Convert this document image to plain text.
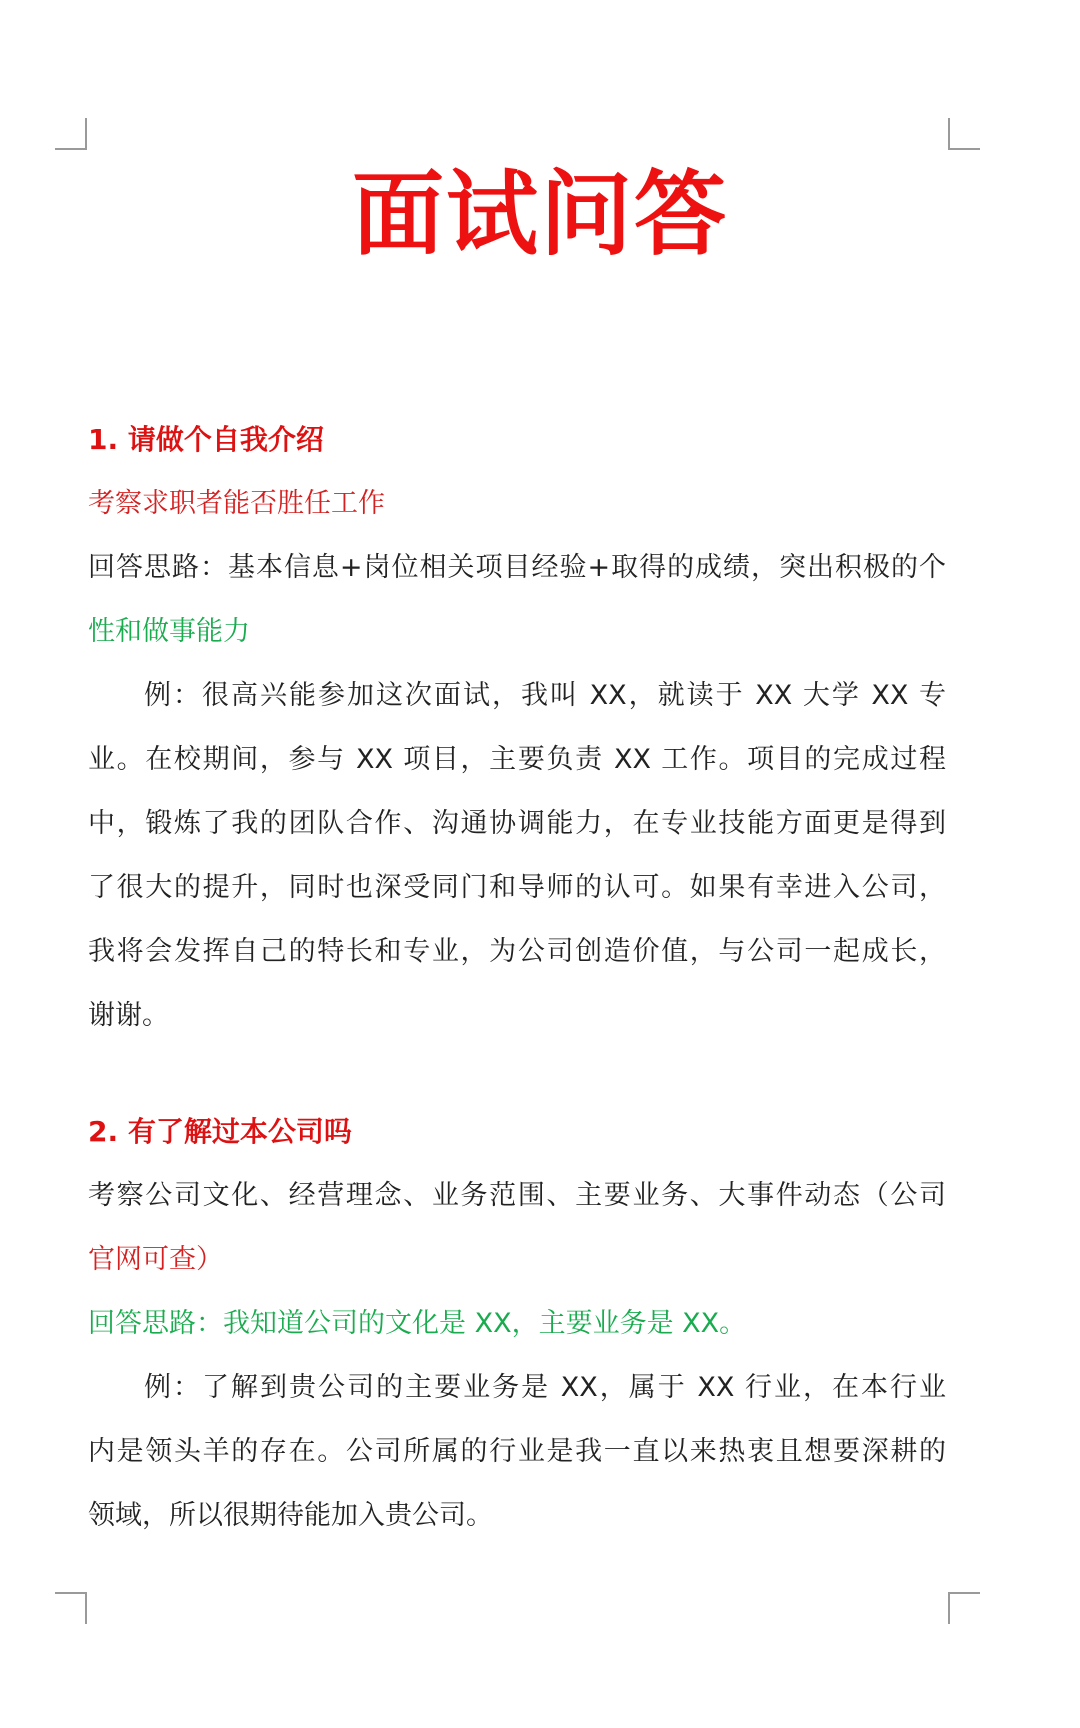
面试问答
1. 请做个自我介绍
考察求职者能否胜任工作
回答思路：基本信息+岗位相关项目经验+取得的成绩，突出积极的个
性和做事能力
例：很高兴能参加这次面试，我叫 XX，就读于 XX 大学 XX 专
业。在校期间，参与 XX 项目，主要负责 XX 工作。项目的完成过程
中，锻炼了我的团队合作、沟通协调能力，在专业技能方面更是得到
了很大的提升，同时也深受同门和导师的认可。如果有幸进入公司，
我将会发挥自己的特长和专业，为公司创造价值，与公司一起成长，
谢谢。
2. 有了解过本公司吗
考察公司文化、经营理念、业务范围、主要业务、大事件动态（公司
官网可查）
回答思路：我知道公司的文化是 XX，主要业务是 XX。
例：了解到贵公司的主要业务是 XX，属于 XX 行业，在本行业
内是领头羊的存在。公司所属的行业是我一直以来热衷且想要深耕的
领域，所以很期待能加入贵公司。
